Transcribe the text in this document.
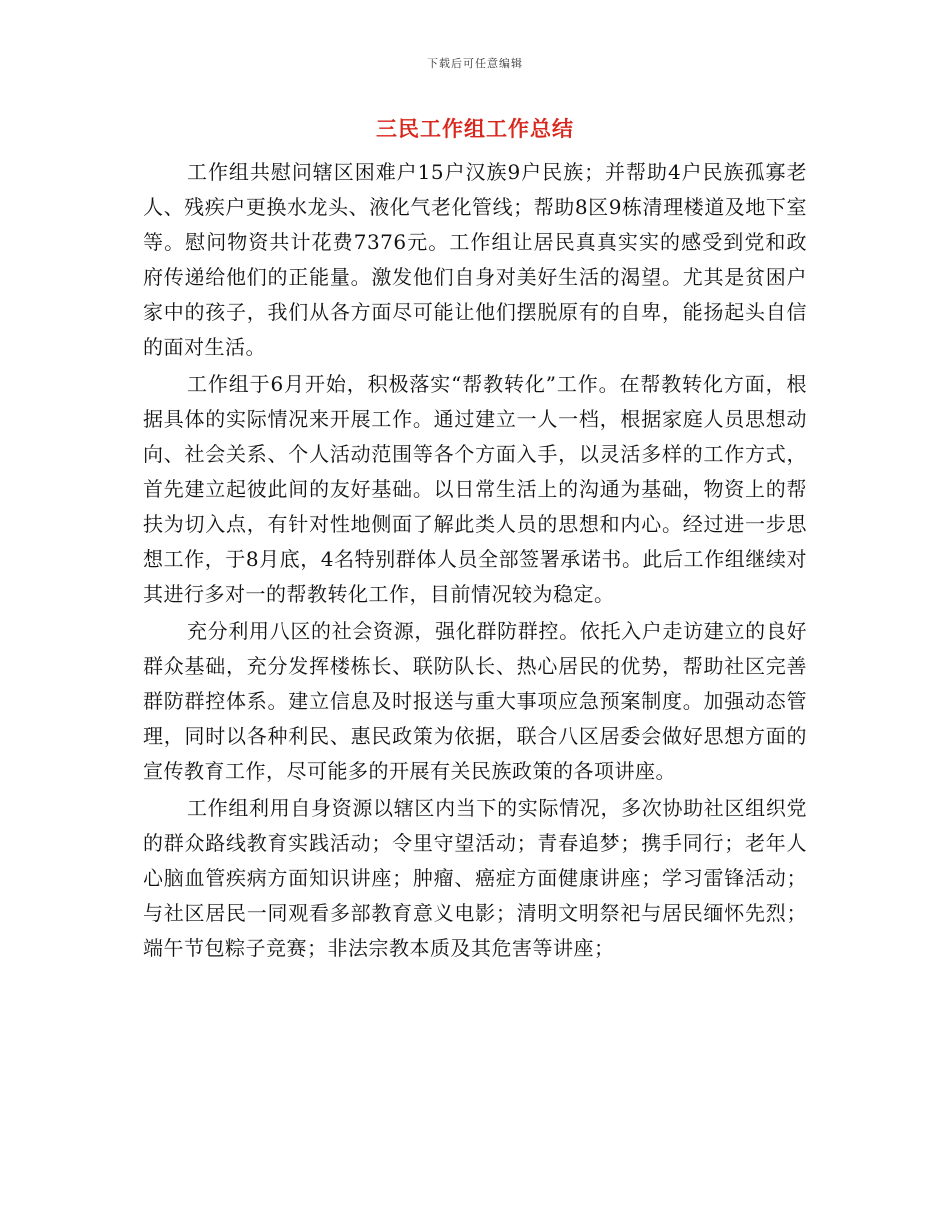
下载后可任意编辑
三民工作组工作总结

工作组共慰问辖区困难户15户汉族9户民族；并帮助4户民族孤寡老人、残疾户更换水龙头、液化气老化管线；帮助8区9栋清理楼道及地下室等。慰问物资共计花费7376元。工作组让居民真真实实的感受到党和政府传递给他们的正能量。激发他们自身对美好生活的渴望。尤其是贫困户家中的孩子，我们从各方面尽可能让他们摆脱原有的自卑，能扬起头自信的面对生活。

工作组于6月开始，积极落实“帮教转化”工作。在帮教转化方面，根据具体的实际情况来开展工作。通过建立一人一档，根据家庭人员思想动向、社会关系、个人活动范围等各个方面入手，以灵活多样的工作方式，首先建立起彼此间的友好基础。以日常生活上的沟通为基础，物资上的帮扶为切入点，有针对性地侧面了解此类人员的思想和内心。经过进一步思想工作，于8月底，4名特别群体人员全部签署承诺书。此后工作组继续对其进行多对一的帮教转化工作，目前情况较为稳定。

充分利用八区的社会资源，强化群防群控。依托入户走访建立的良好群众基础，充分发挥楼栋长、联防队长、热心居民的优势，帮助社区完善群防群控体系。建立信息及时报送与重大事项应急预案制度。加强动态管理，同时以各种利民、惠民政策为依据，联合八区居委会做好思想方面的宣传教育工作，尽可能多的开展有关民族政策的各项讲座。

工作组利用自身资源以辖区内当下的实际情况，多次协助社区组织党的群众路线教育实践活动；令里守望活动；青春追梦；携手同行；老年人心脑血管疾病方面知识讲座；肿瘤、癌症方面健康讲座；学习雷锋活动；与社区居民一同观看多部教育意义电影；清明文明祭祀与居民缅怀先烈；端午节包粽子竞赛；非法宗教本质及其危害等讲座；
